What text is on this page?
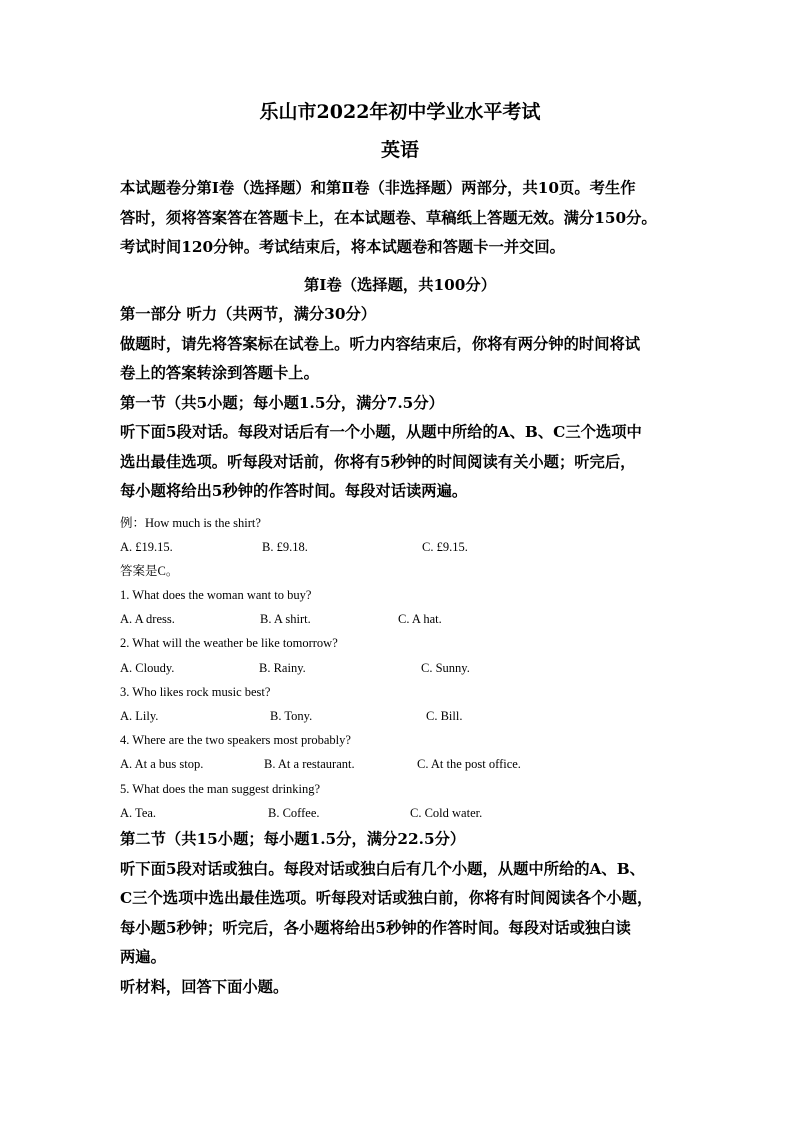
乐山市2022年初中学业水平考试
英语
本试题卷分第Ⅰ卷（选择题）和第Ⅱ卷（非选择题）两部分，共10页。考生作
答时，须将答案答在答题卡上，在本试题卷、草稿纸上答题无效。满分150分。
考试时间120分钟。考试结束后，将本试题卷和答题卡一并交回。
第Ⅰ卷（选择题，共100分）
第一部分 听力（共两节，满分30分）
做题时，请先将答案标在试卷上。听力内容结束后，你将有两分钟的时间将试
卷上的答案转涂到答题卡上。
第一节（共5小题；每小题1.5分，满分7.5分）
听下面5段对话。每段对话后有一个小题，从题中所给的A、B、C三个选项中
选出最佳选项。听每段对话前，你将有5秒钟的时间阅读有关小题；听完后，
每小题将给出5秒钟的作答时间。每段对话读两遍。
例：How much is the shirt?
A. £19.15.	B. £9.18.	C. £9.15.
答案是C。
1. What does the woman want to buy?
A. A dress.	B. A shirt.	C. A hat.
2. What will the weather be like tomorrow?
A. Cloudy.	B. Rainy.	C. Sunny.
3. Who likes rock music best?
A. Lily.	B. Tony.	C. Bill.
4. Where are the two speakers most probably?
A. At a bus stop.	B. At a restaurant.	C. At the post office.
5. What does the man suggest drinking?
A. Tea.	B. Coffee.	C. Cold water.
第二节（共15小题；每小题1.5分，满分22.5分）
听下面5段对话或独白。每段对话或独白后有几个小题，从题中所给的A、B、
C三个选项中选出最佳选项。听每段对话或独白前，你将有时间阅读各个小题，
每小题5秒钟；听完后，各小题将给出5秒钟的作答时间。每段对话或独白读
两遍。
听材料，回答下面小题。
